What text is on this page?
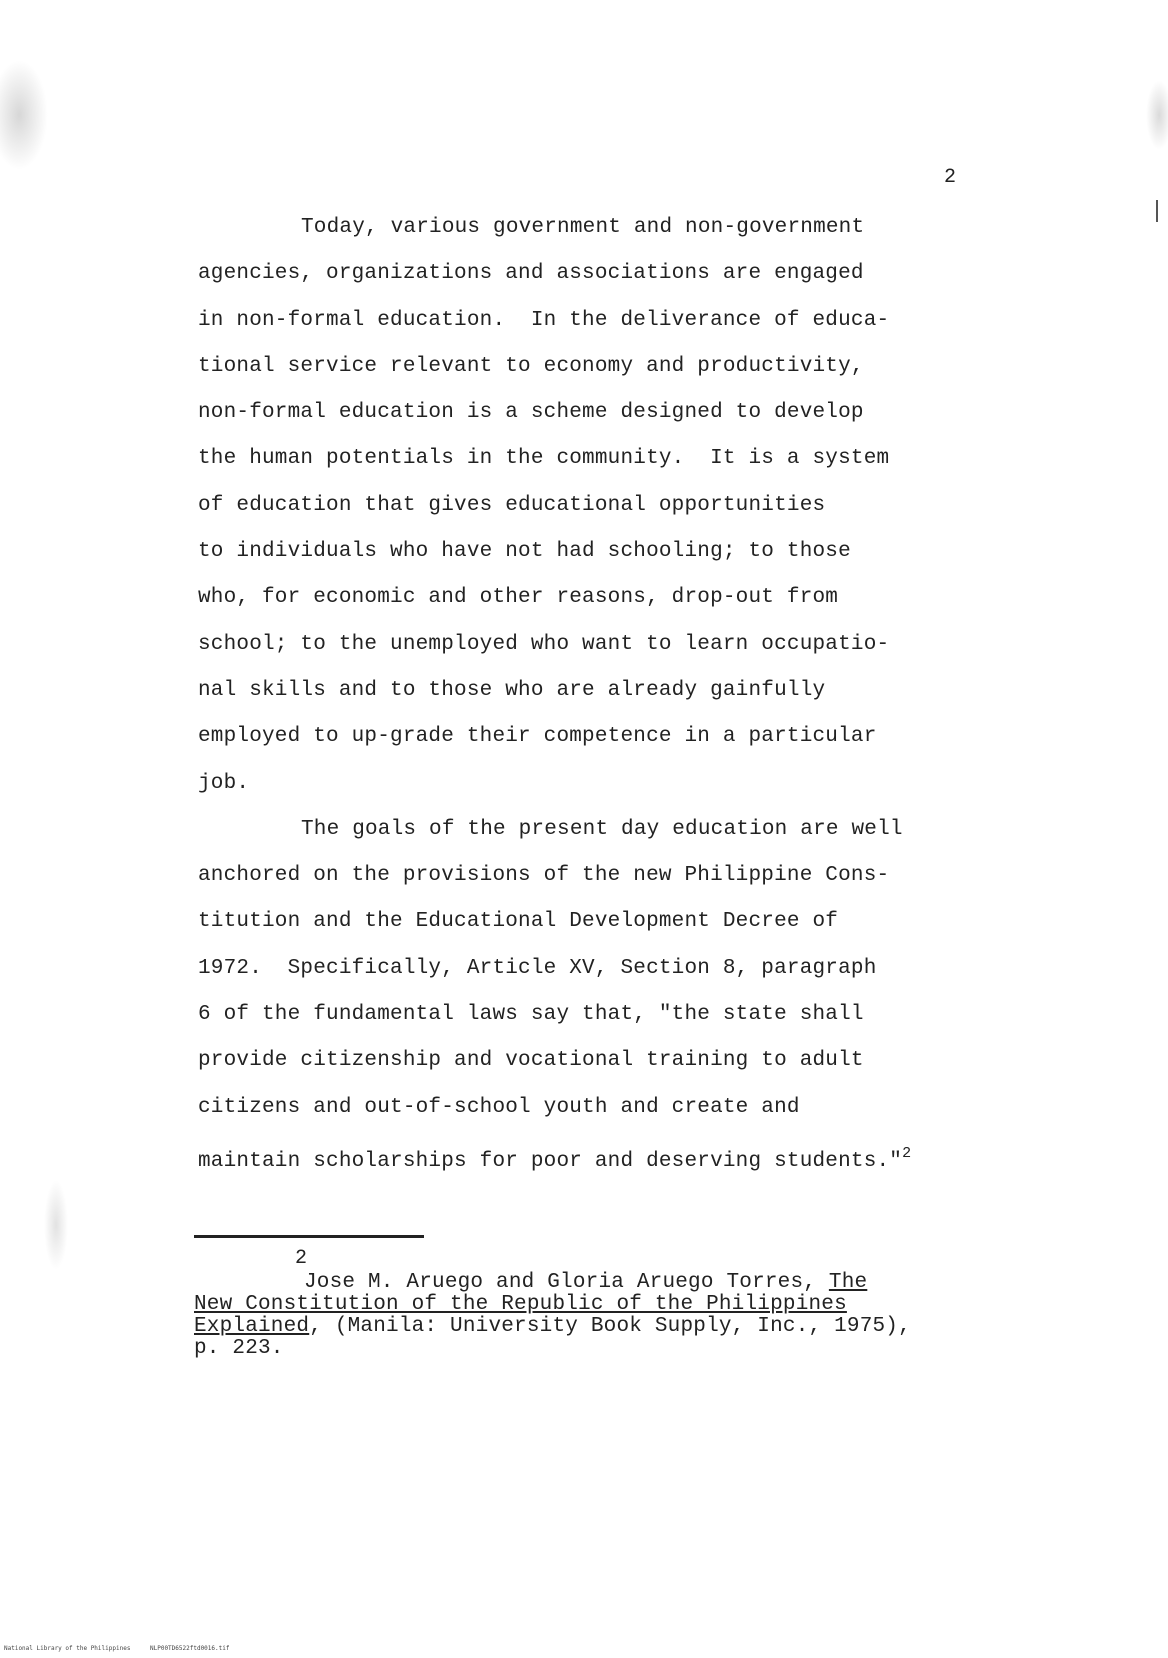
2
Today, various government and non-government
agencies, organizations and associations are engaged
in non-formal education.  In the deliverance of educa-
tional service relevant to economy and productivity,
non-formal education is a scheme designed to develop
the human potentials in the community.  It is a system
of education that gives educational opportunities
to individuals who have not had schooling; to those
who, for economic and other reasons, drop-out from
school; to the unemployed who want to learn occupatio-
nal skills and to those who are already gainfully
employed to up-grade their competence in a particular
job.
The goals of the present day education are well
anchored on the provisions of the new Philippine Cons-
titution and the Educational Development Decree of
1972.  Specifically, Article XV, Section 8, paragraph
6 of the fundamental laws say that, "the state shall
provide citizenship and vocational training to adult
citizens and out-of-school youth and create and
maintain scholarships for poor and deserving students."$^2$
2
Jose M. Aruego and Gloria Aruego Torres, The
New Constitution of the Republic of the Philippines
Explained, (Manila: University Book Supply, Inc., 1975),
p. 223.
National Library of the Philippines	NLP00TD6522ftd0016.tif
